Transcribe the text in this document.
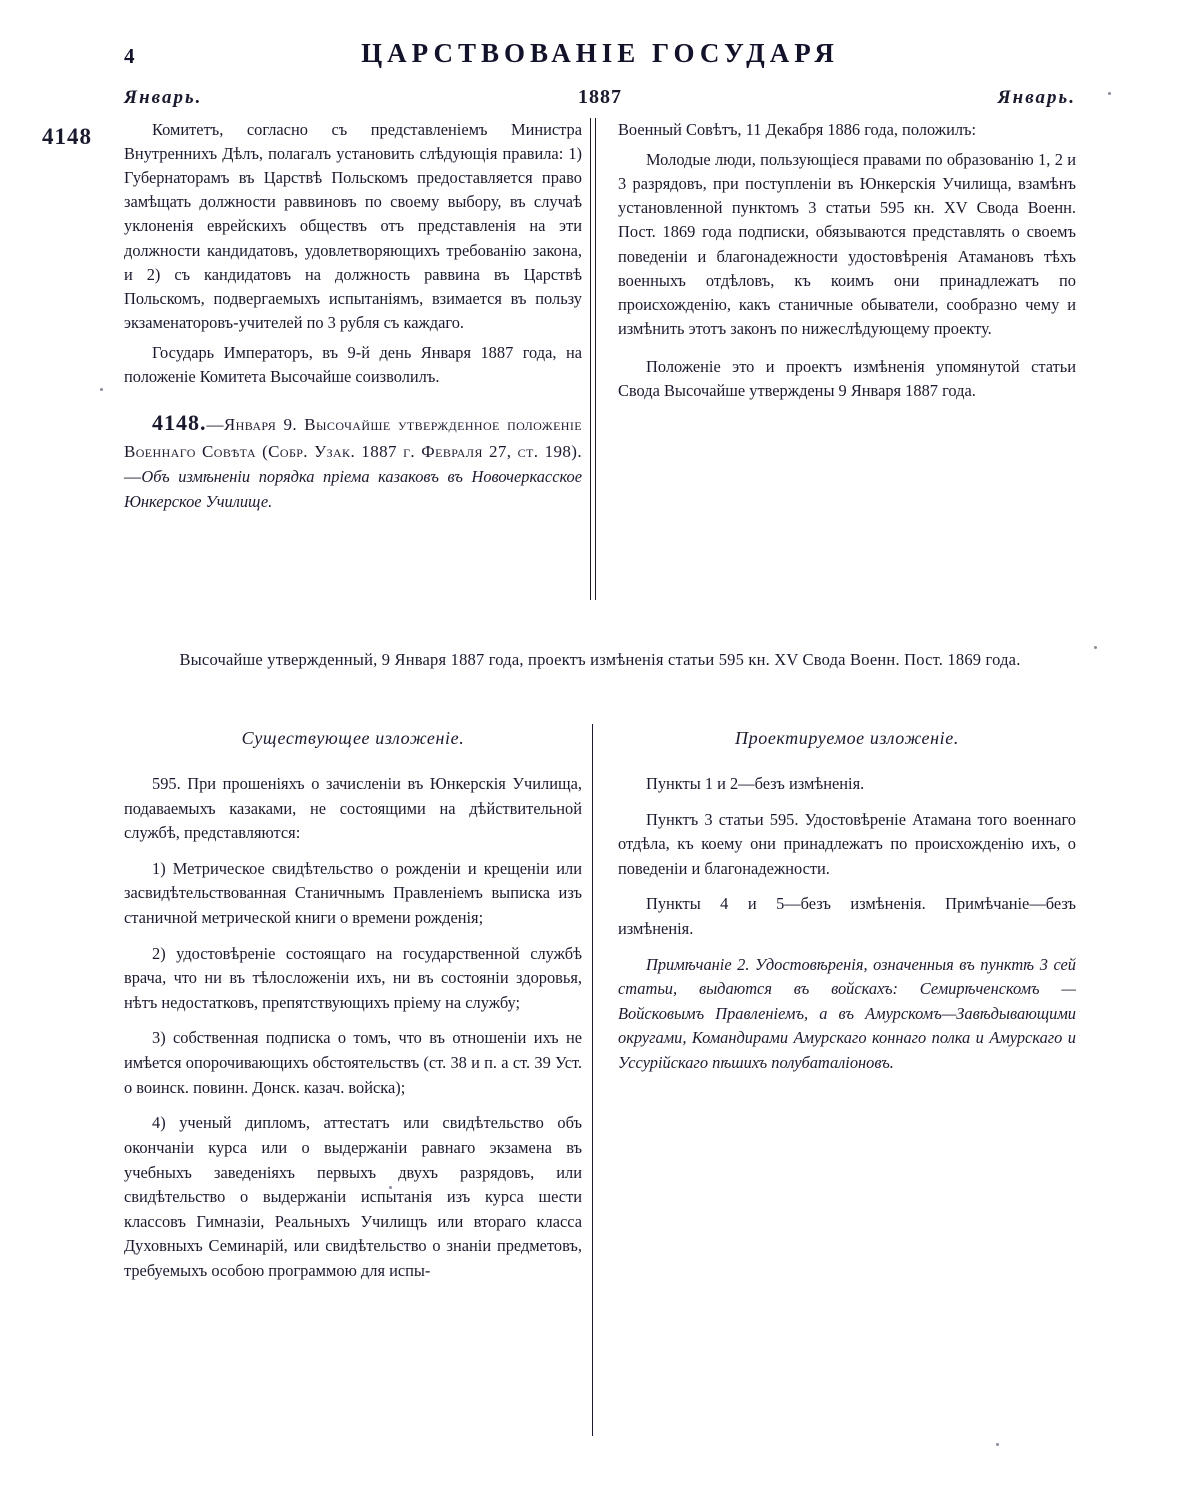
4	ЦАРСТВОВАНІЕ ГОСУДАРЯ
Январь.	1887	Январь.
4148	Комитетъ, согласно съ представленіемъ Министра Внутреннихъ Дѣлъ, полагалъ установить слѣдующія правила: 1) Губернаторамъ въ Царствѣ Польскомъ предоставляется право замѣщать должности раввиновъ по своему выбору, въ случаѣ уклоненія еврейскихъ обществъ отъ представленія на эти должности кандидатовъ, удовлетворяющихъ требованію закона, и 2) съ кандидатовъ на должность раввина въ Царствѣ Польскомъ, подвергаемыхъ испытаніямъ, взимается въ пользу экзаменаторовъ-учителей по 3 рубля съ каждаго.

Государь Императоръ, въ 9-й день Января 1887 года, на положеніе Комитета Высочайше соизволилъ.

4148.—Января 9. Высочайше утвержденное положеніе Военнаго Совѣта (Собр. Узак. 1887 г. Февраля 27, ст. 198).—Объ измѣненіи порядка пріема казаковъ въ Новочеркасское Юнкерское Училище.

Военный Совѣтъ, 11 Декабря 1886 года, положилъ:

Молодые люди, пользующіеся правами по образованію 1, 2 и 3 разрядовъ, при поступленіи въ Юнкерскія Училища, взамѣнъ установленной пунктомъ 3 статьи 595 кн. XV Свода Военн. Пост. 1869 года подписки, обязываются представлять о своемъ поведеніи и благонадежности удостовѣренія Атамановъ тѣхъ военныхъ отдѣловъ, къ коимъ они принадлежатъ по происхожденію, какъ станичные обыватели, сообразно чему и измѣнить этотъ законъ по нижеслѣдующему проекту.

Положеніе это и проектъ измѣненія упомянутой статьи Свода Высочайше утверждены 9 Января 1887 года.

Высочайше утвержденный, 9 Января 1887 года, проектъ измѣненія статьи 595 кн. XV Свода Военн. Пост. 1869 года.
Существующее изложеніе.	Проектируемое изложеніе.

595. При прошеніяхъ о зачисленіи въ Юнкерскія Училища, подаваемыхъ казаками, не состоящими на дѣйствительной службѣ, представляются:

1) Метрическое свидѣтельство о рожденіи и крещеніи или засвидѣтельствованная Станичнымъ Правленіемъ выписка изъ станичной метрической книги о времени рожденія;

2) удостовѣреніе состоящаго на государственной службѣ врача, что ни въ тѣлосложеніи ихъ, ни въ состояніи здоровья, нѣтъ недостатковъ, препятствующихъ пріему на службу;

3) собственная подписка о томъ, что въ отношеніи ихъ не имѣется опорочивающихъ обстоятельствъ (ст. 38 и п. а ст. 39 Уст. о воинск. повинн. Донск. казач. войска);

4) ученый дипломъ, аттестатъ или свидѣтельство объ окончаніи курса или о выдержаніи равнаго экзамена въ учебныхъ заведеніяхъ первыхъ двухъ разрядовъ, или свидѣтельство о выдержаніи испытанія изъ курса шести классовъ Гимназіи, Реальныхъ Училищъ или втораго класса Духовныхъ Семинарій, или свидѣтельство о знаніи предметовъ, требуемыхъ особою программою для испы-

Пункты 1 и 2—безъ измѣненія.

Пунктъ 3 статьи 595. Удостовѣреніе Атамана того военнаго отдѣла, къ коему они принадлежатъ по происхожденію ихъ, о поведеніи и благонадежности.

Пункты 4 и 5—безъ измѣненія. Примѣчаніе—безъ измѣненія.

Примѣчаніе 2. Удостовѣренія, означенныя въ пунктѣ 3 сей статьи, выдаются въ войскахъ: Семирѣченскомъ — Войсковымъ Правленіемъ, а въ Амурскомъ—Завѣдывающими округами, Командирами Амурскаго коннаго полка и Амурскаго и Уссурійскаго пѣшихъ полубаталіоновъ.
